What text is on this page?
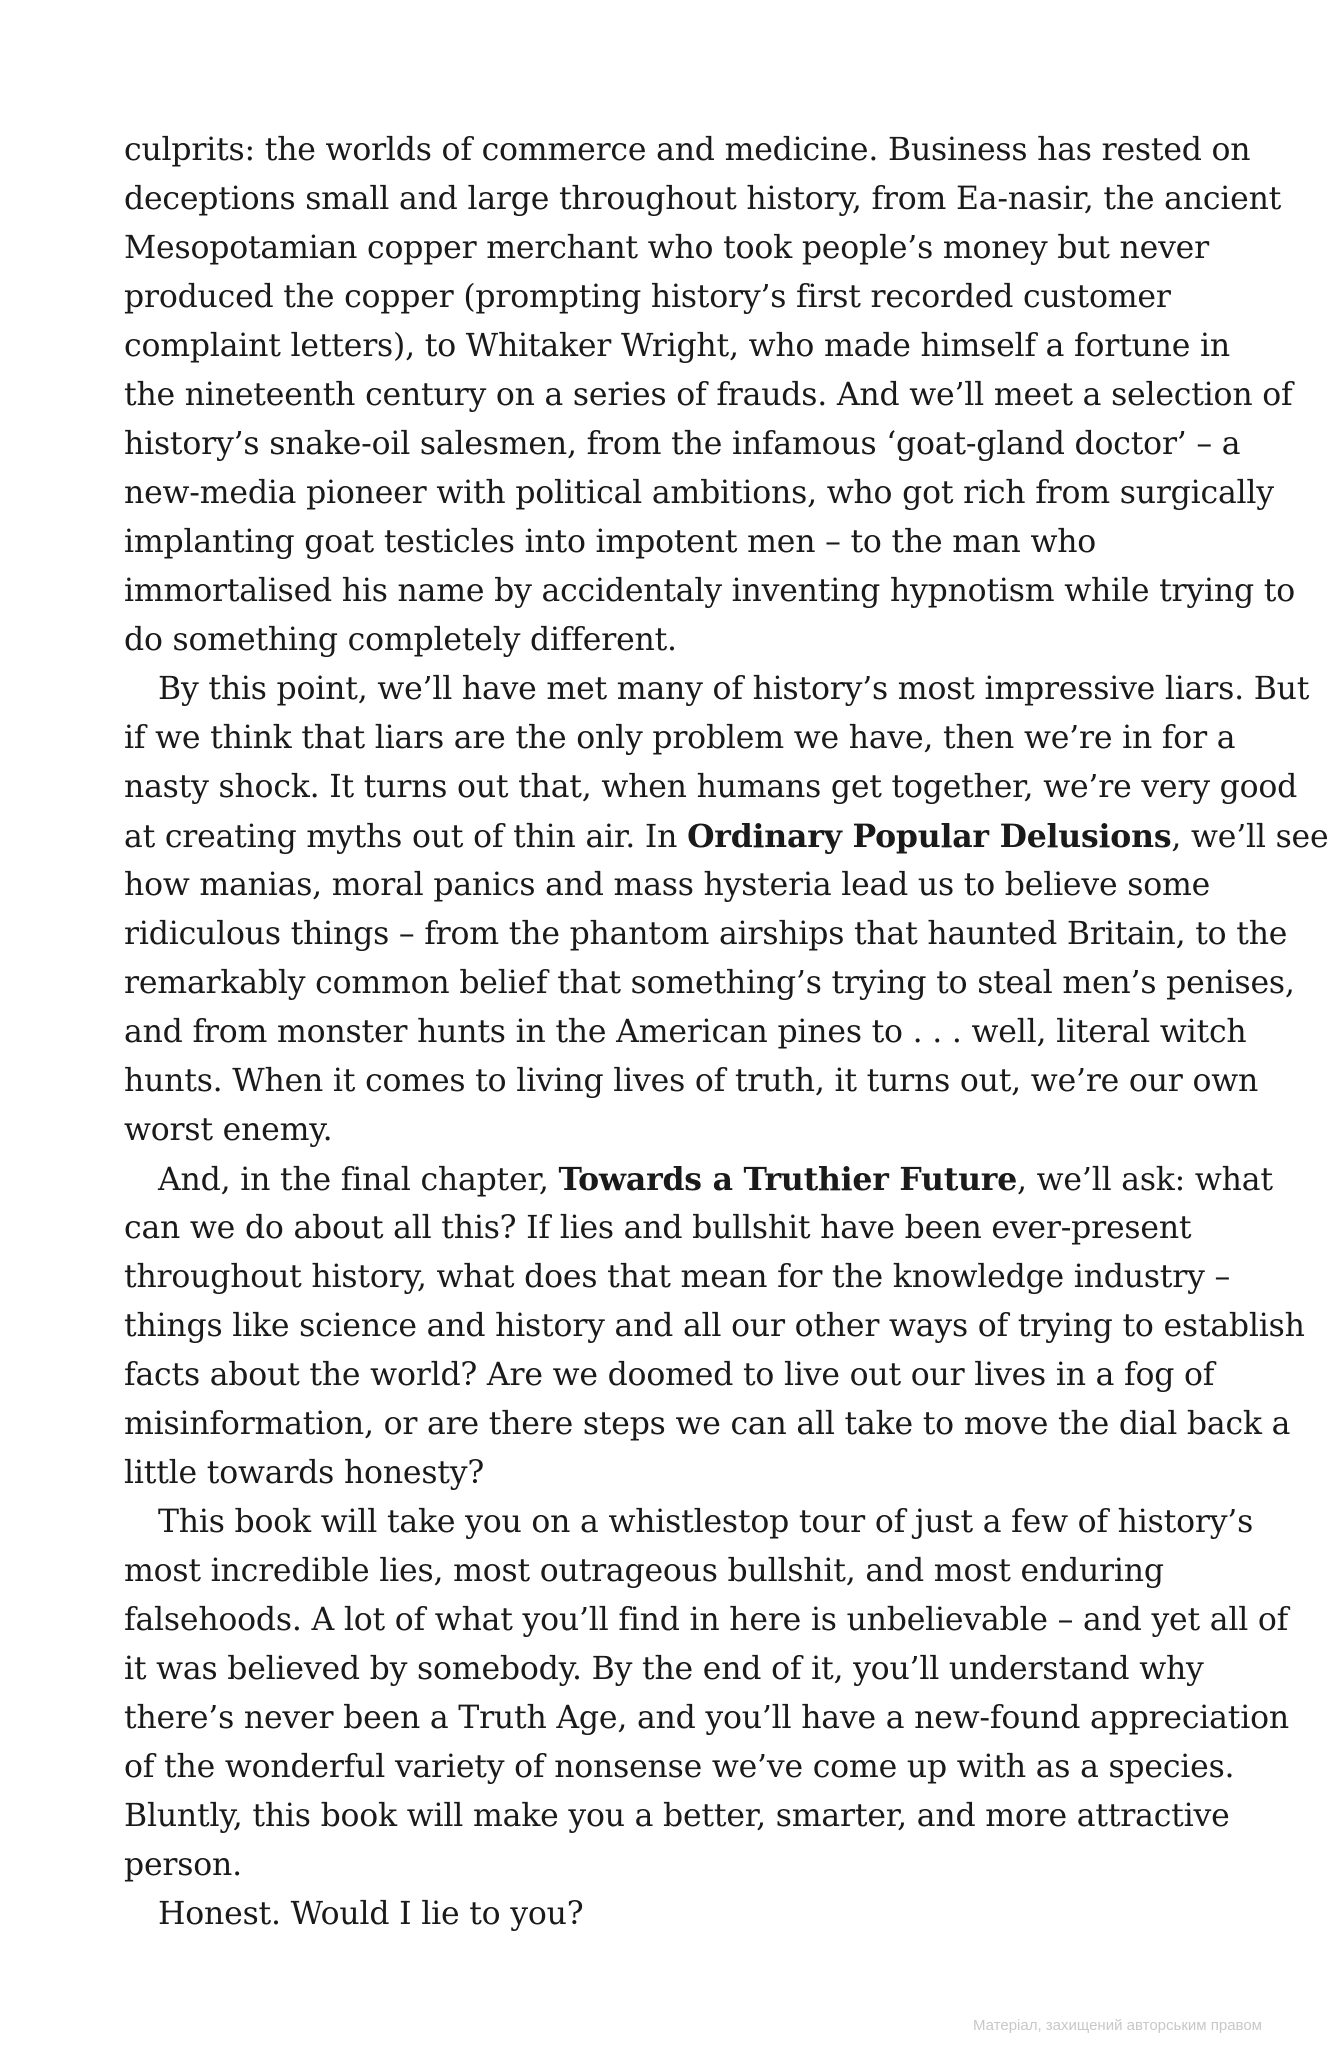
culprits: the worlds of commerce and medicine. Business has rested on
deceptions small and large throughout history, from Ea-nasir, the ancient
Mesopotamian copper merchant who took people’s money but never
produced the copper (prompting history’s first recorded customer
complaint letters), to Whitaker Wright, who made himself a fortune in
the nineteenth century on a series of frauds. And we’ll meet a selection of
history’s snake-oil salesmen, from the infamous ‘goat-gland doctor’ – a
new-media pioneer with political ambitions, who got rich from surgically
implanting goat testicles into impotent men – to the man who
immortalised his name by accidentaly inventing hypnotism while trying to
do something completely different.
By this point, we’ll have met many of history’s most impressive liars. But
if we think that liars are the only problem we have, then we’re in for a
nasty shock. It turns out that, when humans get together, we’re very good
at creating myths out of thin air. In Ordinary Popular Delusions, we’ll see
how manias, moral panics and mass hysteria lead us to believe some
ridiculous things – from the phantom airships that haunted Britain, to the
remarkably common belief that something’s trying to steal men’s penises,
and from monster hunts in the American pines to . . . well, literal witch
hunts. When it comes to living lives of truth, it turns out, we’re our own
worst enemy.
And, in the final chapter, Towards a Truthier Future, we’ll ask: what
can we do about all this? If lies and bullshit have been ever-present
throughout history, what does that mean for the knowledge industry –
things like science and history and all our other ways of trying to establish
facts about the world? Are we doomed to live out our lives in a fog of
misinformation, or are there steps we can all take to move the dial back a
little towards honesty?
This book will take you on a whistlestop tour of just a few of history’s
most incredible lies, most outrageous bullshit, and most enduring
falsehoods. A lot of what you’ll find in here is unbelievable – and yet all of
it was believed by somebody. By the end of it, you’ll understand why
there’s never been a Truth Age, and you’ll have a new-found appreciation
of the wonderful variety of nonsense we’ve come up with as a species.
Bluntly, this book will make you a better, smarter, and more attractive
person.
Honest. Would I lie to you?
Матеріал, захищений авторським правом
